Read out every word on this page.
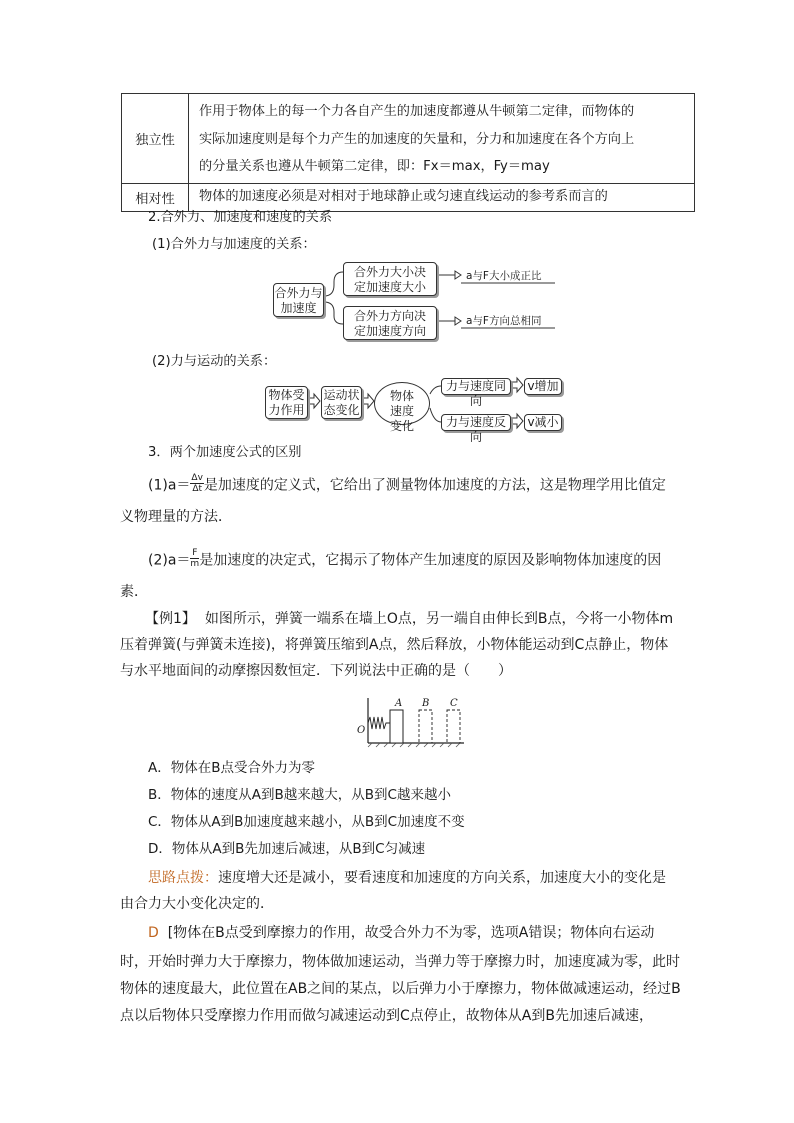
独立性	作用于物体上的每一个力各自产生的加速度都遵从牛顿第二定律，而物体的
实际加速度则是每个力产生的加速度的矢量和，分力和加速度在各个方向上
的分量关系也遵从牛顿第二定律，即：Fx＝max，Fy＝may

相对性	物体的加速度必须是对相对于地球静止或匀速直线运动的参考系而言的
2.合外力、加速度和速度的关系
(1)合外力与加速度的关系：
合外力与加速度
合外力大小决定加速度大小
合外力方向决定加速度方向
a与F大小成正比
a与F方向总相同
(2)力与运动的关系：
物体受力作用
运动状态变化
物体速度变化
力与速度同向
力与速度反向
v增加
v减小
3．两个加速度公式的区别
$(1)a= \frac{\Delta v}{\Delta t}$ 是加速度的定义式，它给出了测量物体加速度的方法，这是物理学用比值定
义物理量的方法．
$(2)a= \frac{F}{m}$ 是加速度的决定式，它揭示了物体产生加速度的原因及影响物体加速度的因
素．
【例1】 如图所示，弹簧一端系在墙上O点，另一端自由伸长到B点，今将一小物体m
压着弹簧(与弹簧未连接)，将弹簧压缩到A点，然后释放，小物体能运动到C点静止，物体
与水平地面间的动摩擦因数恒定．下列说法中正确的是（　　）
O
A B C
A．物体在B点受合外力为零
B．物体的速度从A到B越来越大，从B到C越来越小
C．物体从A到B加速度越来越小，从B到C加速度不变
D．物体从A到B先加速后减速，从B到C匀减速
思路点拨：速度增大还是减小，要看速度和加速度的方向关系，加速度大小的变化是
由合力大小变化决定的．
D [物体在B点受到摩擦力的作用，故受合外力不为零，选项A错误；物体向右运动
时，开始时弹力大于摩擦力，物体做加速运动，当弹力等于摩擦力时，加速度减为零，此时
物体的速度最大，此位置在AB之间的某点，以后弹力小于摩擦力，物体做减速运动，经过B
点以后物体只受摩擦力作用而做匀减速运动到C点停止，故物体从A到B先加速后减速，
